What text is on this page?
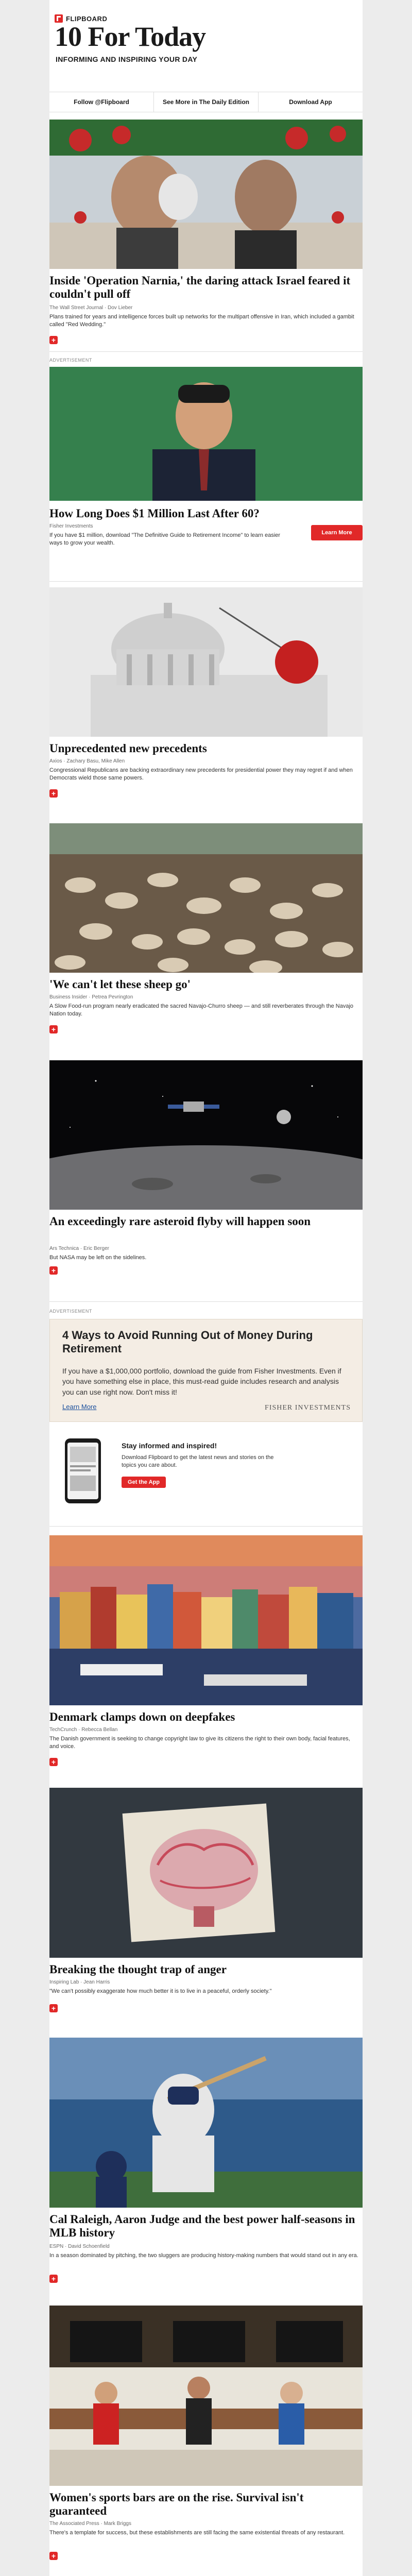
FLIPBOARD
10 For Today
INFORMING AND INSPIRING YOUR DAY
Follow @Flipboard	See More in The Daily Edition	Download App
Inside 'Operation Narnia,' the daring attack Israel feared it couldn't pull off
The Wall Street Journal · Dov Lieber
Plans trained for years and intelligence forces built up networks for the multipart offensive in Iran, which included a gambit called "Red Wedding."
+
ADVERTISEMENT
How Long Does $1 Million Last After 60?
Fisher Investments
If you have $1 million, download "The Definitive Guide to Retirement Income" to learn easier ways to grow your wealth.
Learn More
Unprecedented new precedents
Axios · Zachary Basu, Mike Allen
Congressional Republicans are backing extraordinary new precedents for presidential power they may regret if and when Democrats wield those same powers.
+
'We can't let these sheep go'
Business Insider · Petrea Pevrington
A Slow Food-run program nearly eradicated the sacred Navajo-Churro sheep — and still reverberates through the Navajo Nation today.
+
An exceedingly rare asteroid flyby will happen soon
Ars Technica · Eric Berger
But NASA may be left on the sidelines.
+
ADVERTISEMENT
4 Ways to Avoid Running Out of Money During Retirement
If you have a $1,000,000 portfolio, download the guide from Fisher Investments. Even if you have something else in place, this must-read guide includes research and analysis you can use right now. Don't miss it!
Learn More	FISHER INVESTMENTS
Stay informed and inspired!
Download Flipboard to get the latest news and stories on the topics you care about.
Get the App
Denmark clamps down on deepfakes
TechCrunch · Rebecca Bellan
The Danish government is seeking to change copyright law to give its citizens the right to their own body, facial features, and voice.
+
Breaking the thought trap of anger
Inspiring Lab · Jean Harris
"We can't possibly exaggerate how much better it is to live in a peaceful, orderly society."
+
Cal Raleigh, Aaron Judge and the best power half-seasons in MLB history
ESPN · David Schoenfield
In a season dominated by pitching, the two sluggers are producing history-making numbers that would stand out in any era.
+
Women's sports bars are on the rise. Survival isn't guaranteed
The Associated Press · Mark Briggs
There's a template for success, but these establishments are still facing the same existential threats of any restaurant.
+
